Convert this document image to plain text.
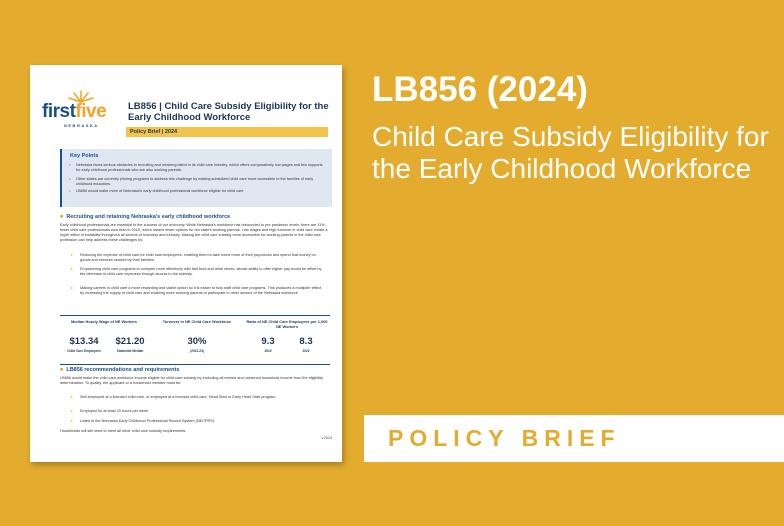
firstfive
NEBRASKA
LB856 | Child Care Subsidy Eligibility for the Early Childhood Workforce
Policy Brief | 2024
Key Points
▸ Nebraska faces serious obstacles in recruiting and retaining talent in its child care industry, which offers comparatively low wages and few supports for early childhood professionals who are also working parents.
▸ Other states are currently piloting programs to address this challenge by making subsidized child care more accessible to the families of early childhood educators.
▸ LB856 would make more of Nebraska's early childhood professional workforce eligible for child care
■ Recruiting and retaining Nebraska's early childhood workforce
Early childhood professionals are essential to the success of our economy. While Nebraska's workforce has rebounded to pre-pandemic levels, there are 11% fewer child care professionals now than in 2019, which means fewer options for our state's working parents. Low wages and high turnover in child care create a ripple effect of instability throughout all sectors of business and industry. Making the child care subsidy more accessible for working parents in the child care profession can help address these challenges by:
▸ Reducing the expense of child care for child care employees, enabling them to take home more of their paychecks and spend that money on goods and services needed by their families.
▸ Empowering child care programs to compete more effectively with fast food and retail stores, whose ability to offer higher pay would be offset by the decrease in child care expenses through access to the subsidy.
▸ Making careers in child care a more rewarding and viable option so it is easier to fully staff child care programs. This produces a multiplier effect by increasing the supply of child care and enabling more working parents to participate in other sectors of the Nebraska workforce.
Median Hourly Wage of NE Workers
$13.34
Child Care Employees
$21.20
Statewide Median
Turnover in NE Child Care Workforce
30%
(2022-23)
Ratio of NE Child Care Employees per 1,000 NE Workers
9.3
2019
8.3
2022
■ LB856 recommendations and requirements
LB856 would make the child care workforce income eligible for child care subsidy by excluding all earned and unearned household income from the eligibility determination. To qualify, the applicant or a household member must be:
▸ Self-employed at a licensed child care, or employed at a licensed child care, Head Start or Early Head Start program.
▸ Employed for at least 20 hours per week.
▸ Listed in the Nebraska Early Childhood Professional Record System (NECPRS).
Households will still need to meet all other child care subsidy requirements.
v.2024
LB856 (2024)
Child Care Subsidy Eligibility for the Early Childhood Workforce
POLICY BRIEF
